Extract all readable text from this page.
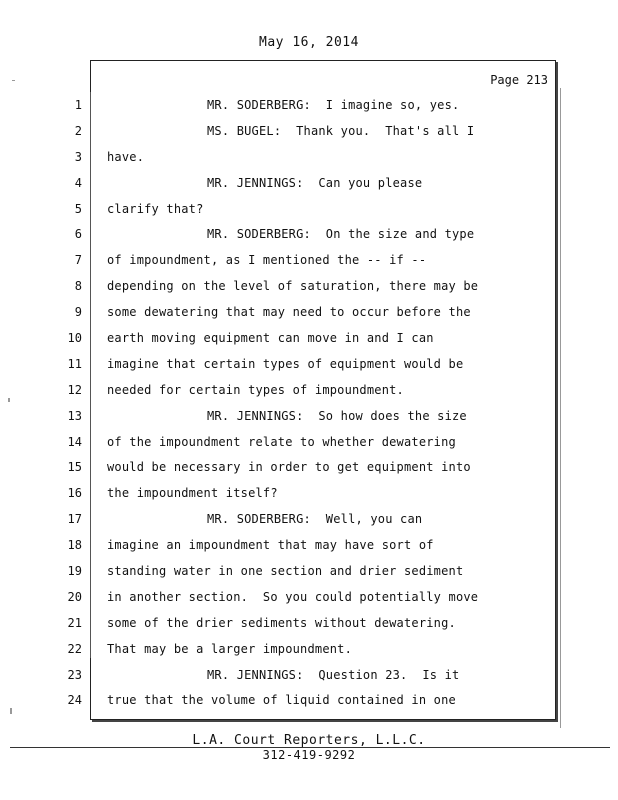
May 16, 2014
Page 213
1
2
3
4
5
6
7
8
9
10
11
12
13
14
15
16
17
18
19
20
21
22
23
24
MR. SODERBERG:  I imagine so, yes.
MS. BUGEL:  Thank you.  That's all I
have.
MR. JENNINGS:  Can you please
clarify that?
MR. SODERBERG:  On the size and type
of impoundment, as I mentioned the -- if --
depending on the level of saturation, there may be
some dewatering that may need to occur before the
earth moving equipment can move in and I can
imagine that certain types of equipment would be
needed for certain types of impoundment.
MR. JENNINGS:  So how does the size
of the impoundment relate to whether dewatering
would be necessary in order to get equipment into
the impoundment itself?
MR. SODERBERG:  Well, you can
imagine an impoundment that may have sort of
standing water in one section and drier sediment
in another section.  So you could potentially move
some of the drier sediments without dewatering.
That may be a larger impoundment.
MR. JENNINGS:  Question 23.  Is it
true that the volume of liquid contained in one
L.A. Court Reporters, L.L.C.
312-419-9292
